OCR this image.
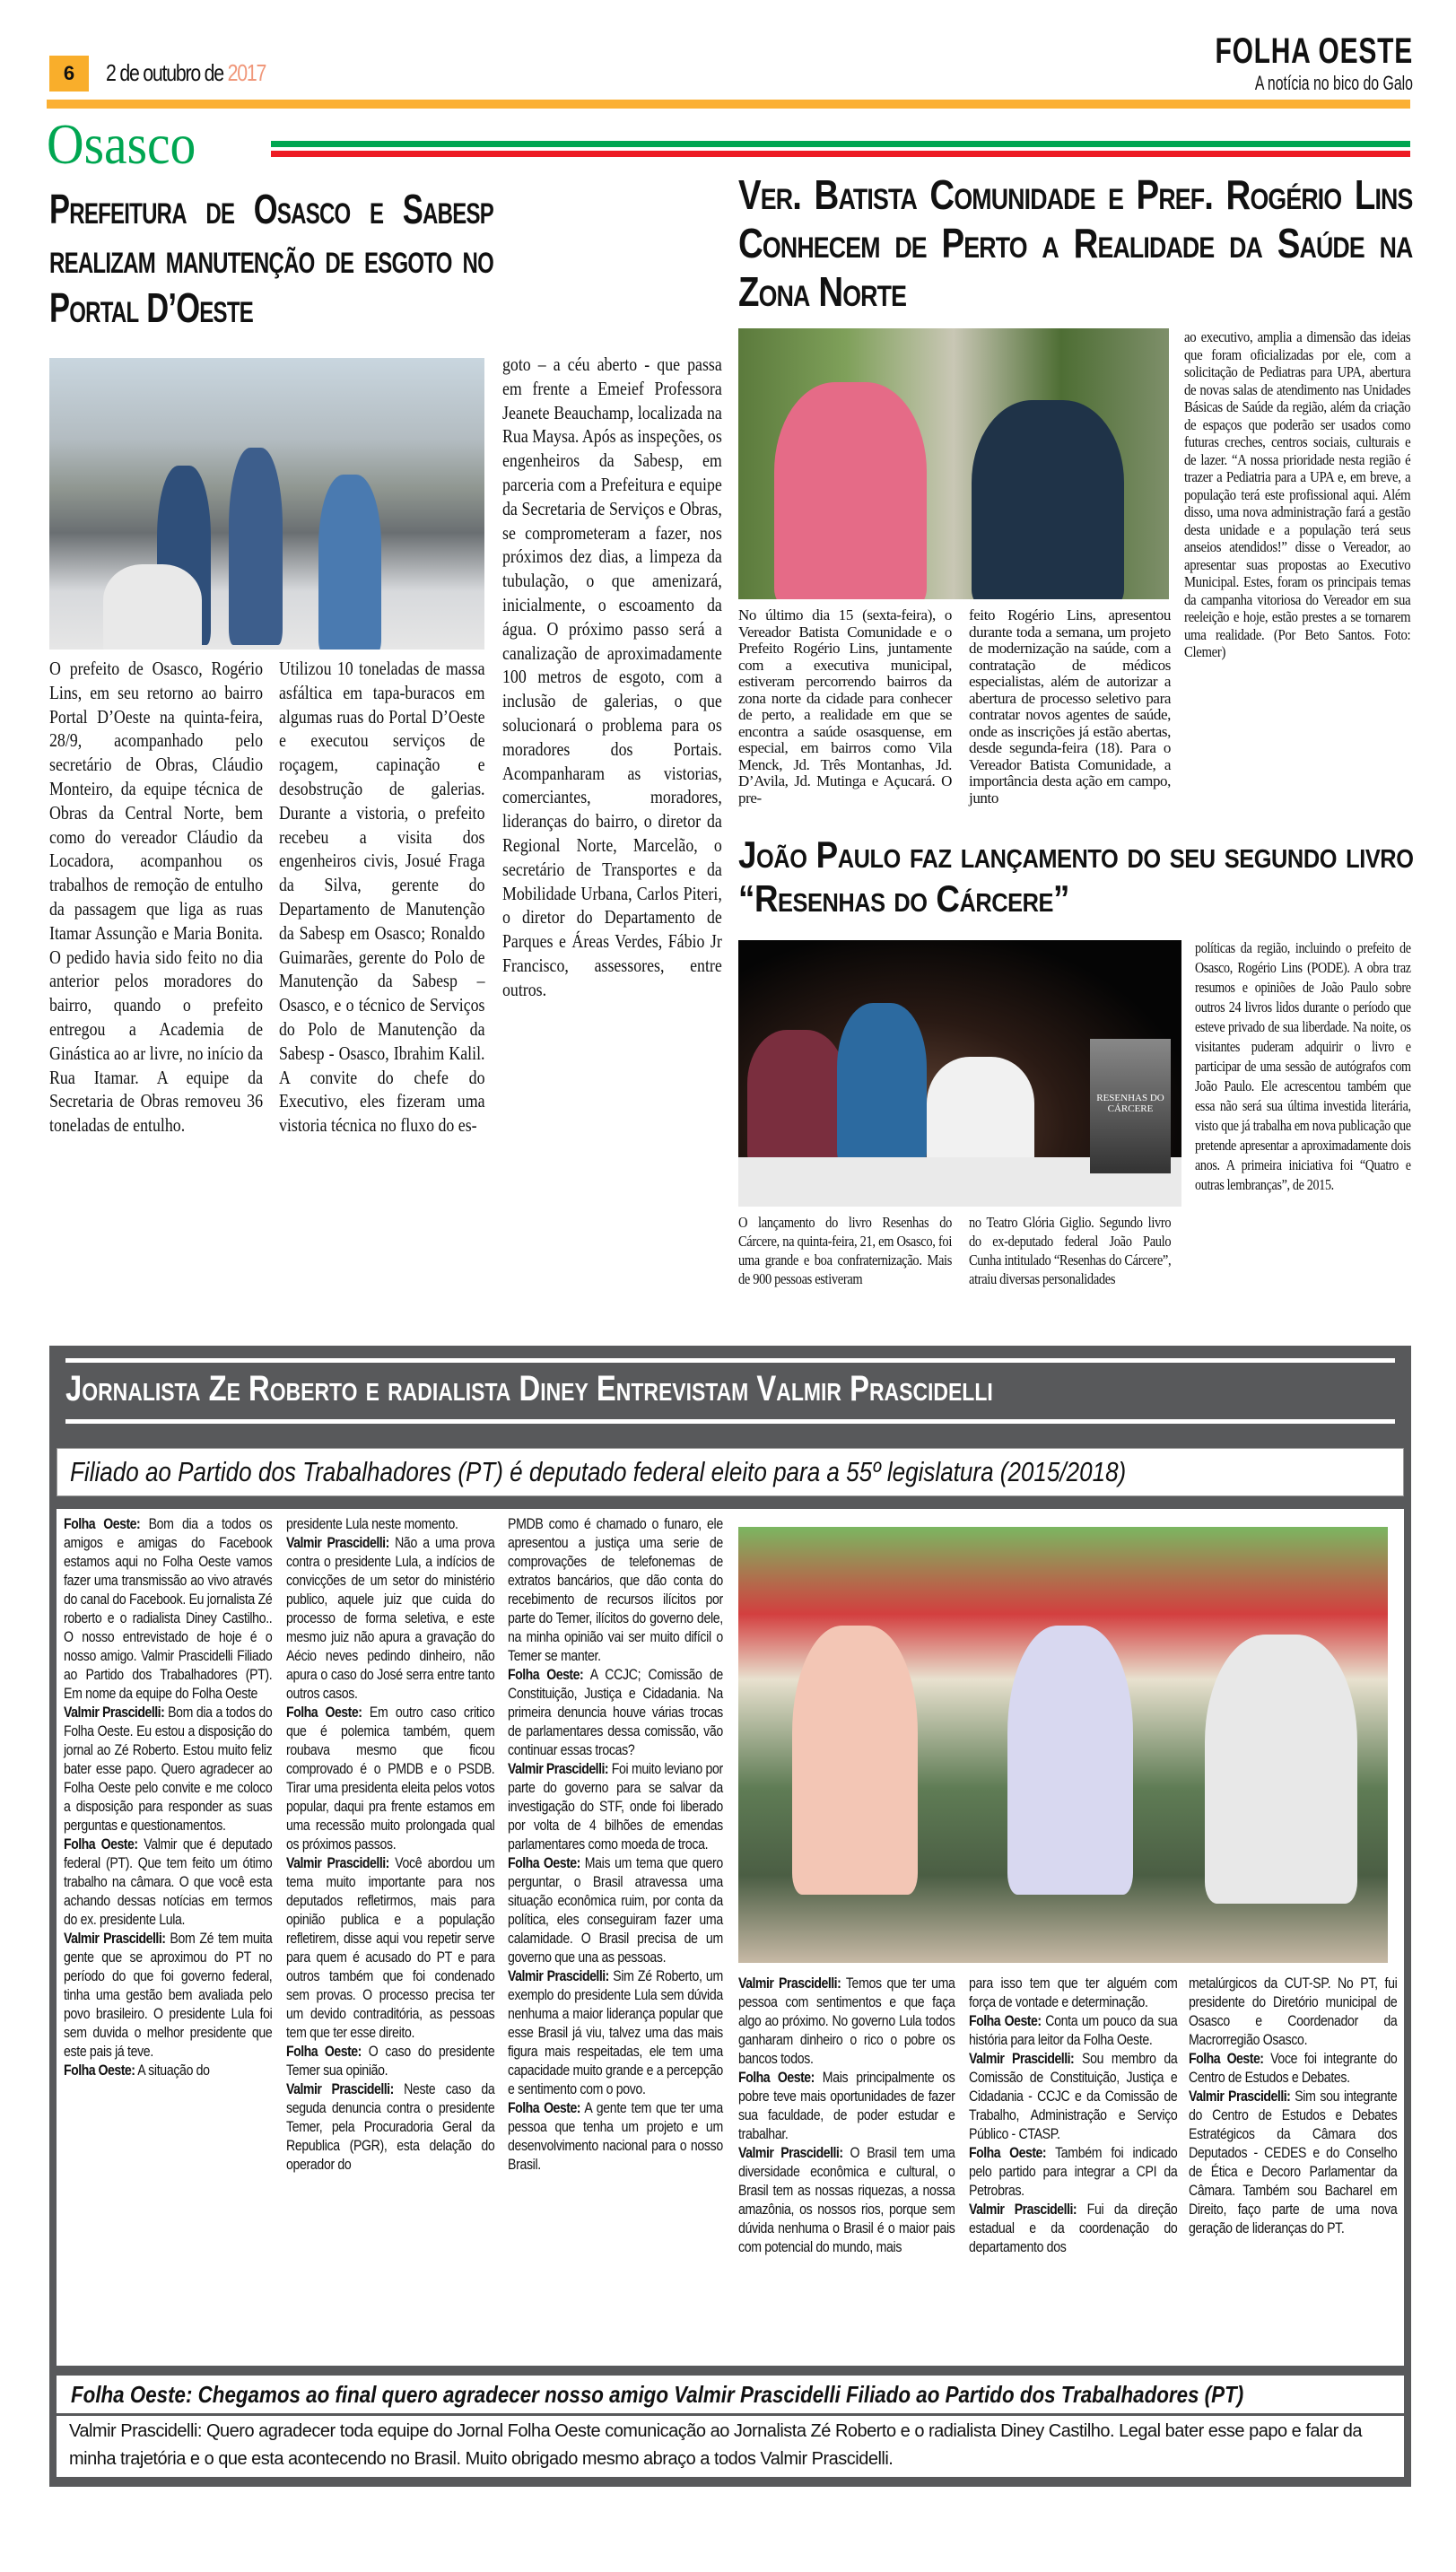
6	2 de outubro de 2017
FOLHA OESTE
A notícia no bico do Galo
Osasco
Prefeitura de Osasco e Sabesp realizam manutenção de esgoto no Portal D’Oeste
O prefeito de Osasco, Rogério Lins, em seu retorno ao bairro Portal D’Oeste na quinta-feira, 28/9, acompanhado pelo secretário de Obras, Cláudio Monteiro, da equipe técnica de Obras da Central Norte, bem como do vereador Cláudio da Locadora, acompanhou os trabalhos de remoção de entulho da passagem que liga as ruas Itamar Assunção e Maria Bonita. O pedido havia sido feito no dia anterior pelos moradores do bairro, quando o prefeito entregou a Academia de Ginástica ao ar livre, no início da Rua Itamar. A equipe da Secretaria de Obras removeu 36 toneladas de entulho.
Utilizou 10 toneladas de massa asfáltica em tapa-buracos em algumas ruas do Portal D’Oeste e executou serviços de roçagem, capinação e desobstrução de galerias. Durante a vistoria, o prefeito recebeu a visita dos engenheiros civis, Josué Fraga da Silva, gerente do Departamento de Manutenção da Sabesp em Osasco; Ronaldo Guimarães, gerente do Polo de Manutenção da Sabesp – Osasco, e o técnico de Serviços do Polo de Manutenção da Sabesp - Osasco, Ibrahim Kalil. A convite do chefe do Executivo, eles fizeram uma vistoria técnica no fluxo do es-
goto – a céu aberto - que passa em frente a Emeief Professora Jeanete Beauchamp, localizada na Rua Maysa. Após as inspeções, os engenheiros da Sabesp, em parceria com a Prefeitura e equipe da Secretaria de Serviços e Obras, se comprometeram a fazer, nos próximos dez dias, a limpeza da tubulação, o que amenizará, inicialmente, o escoamento da água. O próximo passo será a canalização de aproximadamente 100 metros de esgoto, com a inclusão de galerias, o que solucionará o problema para os moradores dos Portais. Acompanharam as vistorias, comerciantes, moradores, lideranças do bairro, o diretor da Regional Norte, Marcelão, o secretário de Transportes e da Mobilidade Urbana, Carlos Piteri, o diretor do Departamento de Parques e Áreas Verdes, Fábio Jr Francisco, assessores, entre outros.
Ver. Batista Comunidade e Pref. Rogério Lins Conhecem de Perto a Realidade da Saúde na Zona Norte
No último dia 15 (sexta-feira), o Vereador Batista Comunidade e o Prefeito Rogério Lins, juntamente com a executiva municipal, estiveram percorrendo bairros da zona norte da cidade para conhecer de perto, a realidade em que se encontra a saúde osasquense, em especial, em bairros como Vila Menck, Jd. Três Montanhas, Jd. D’Avila, Jd. Mutinga e Açucará. O pre-
feito Rogério Lins, apresentou durante toda a semana, um projeto de modernização na saúde, com a contratação de médicos especialistas, além de autorizar a abertura de processo seletivo para contratar novos agentes de saúde, onde as inscrições já estão abertas, desde segunda-feira (18). Para o Vereador Batista Comunidade, a importância desta ação em campo, junto
ao executivo, amplia a dimensão das ideias que foram oficializadas por ele, com a solicitação de Pediatras para UPA, abertura de novas salas de atendimento nas Unidades Básicas de Saúde da região, além da criação de espaços que poderão ser usados como futuras creches, centros sociais, culturais e de lazer. “A nossa prioridade nesta região é trazer a Pediatria para a UPA e, em breve, a população terá este profissional aqui. Além disso, uma nova administração fará a gestão desta unidade e a população terá seus anseios atendidos!” disse o Vereador, ao apresentar suas propostas ao Executivo Municipal. Estes, foram os principais temas da campanha vitoriosa do Vereador em sua reeleição e hoje, estão prestes a se tornarem uma realidade. (Por Beto Santos. Foto: Clemer)
João Paulo faz lançamento do seu segundo livro “Resenhas do Cárcere”
RESENHAS DO CÁRCERE
O lançamento do livro Resenhas do Cárcere, na quinta-feira, 21, em Osasco, foi uma grande e boa confraternização. Mais de 900 pessoas estiveram
no Teatro Glória Giglio. Segundo livro do ex-deputado federal João Paulo Cunha intitulado “Resenhas do Cárcere”, atraiu diversas personalidades
políticas da região, incluindo o prefeito de Osasco, Rogério Lins (PODE). A obra traz resumos e opiniões de João Paulo sobre outros 24 livros lidos durante o período que esteve privado de sua liberdade. Na noite, os visitantes puderam adquirir o livro e participar de uma sessão de autógrafos com João Paulo. Ele acrescentou também que essa não será sua última investida literária, visto que já trabalha em nova publicação que pretende apresentar a aproximadamente dois anos. A primeira iniciativa foi “Quatro e outras lembranças”, de 2015.
Jornalista Ze Roberto e radialista Diney Entrevistam Valmir Prascidelli
Filiado ao Partido dos Trabalhadores (PT) é deputado federal eleito para a 55º legislatura (2015/2018)
Folha Oeste: Bom dia a todos os amigos e amigas do Facebook estamos aqui no Folha Oeste vamos fazer uma transmissão ao vivo através do canal do Facebook. Eu jornalista Zé roberto e o radialista Diney Castilho.. O nosso entrevistado de hoje é o nosso amigo. Valmir Prascidelli Filiado ao Partido dos Trabalhadores (PT). Em nome da equipe do Folha Oeste
Valmir Prascidelli: Bom dia a todos do Folha Oeste. Eu estou a disposição do jornal ao Zé Roberto. Estou muito feliz bater esse papo. Quero agradecer ao Folha Oeste pelo convite e me coloco a disposição para responder as suas perguntas e questionamentos.
Folha Oeste: Valmir que é deputado federal (PT). Que tem feito um ótimo trabalho na câmara. O que você esta achando dessas notícias em termos do ex. presidente Lula.
Valmir Prascidelli: Bom Zé tem muita gente que se aproximou do PT no período do que foi governo federal, tinha uma gestão bem avaliada pelo povo brasileiro. O presidente Lula foi sem duvida o melhor presidente que este pais já teve.
Folha Oeste: A situação do
presidente Lula neste momento.
Valmir Prascidelli: Não a uma prova contra o presidente Lula, a indícios de convicções de um setor do ministério publico, aquele juiz que cuida do processo de forma seletiva, e este mesmo juiz não apura a gravação do Aécio neves pedindo dinheiro, não apura o caso do José serra entre tanto outros casos.
Folha Oeste: Em outro caso critico que é polemica também, quem roubava mesmo que ficou comprovado é o PMDB e o PSDB. Tirar uma presidenta eleita pelos votos popular, daqui pra frente estamos em uma recessão muito prolongada qual os próximos passos.
Valmir Prascidelli: Você abordou um tema muito importante para nos deputados refletirmos, mais para opinião publica e a população refletirem, disse aqui vou repetir serve para quem é acusado do PT e para outros também que foi condenado sem provas. O processo precisa ter um devido contraditória, as pessoas tem que ter esse direito.
Folha Oeste: O caso do presidente Temer sua opinião.
Valmir Prascidelli: Neste caso da seguda denuncia contra o presidente Temer, pela Procuradoria Geral da Republica (PGR), esta delação do operador do
PMDB como é chamado o funaro, ele apresentou a justiça uma serie de comprovações de telefonemas de extratos bancários, que dão conta do recebimento de recursos ilícitos por parte do Temer, ilícitos do governo dele, na minha opinião vai ser muito difícil o Temer se manter.
Folha Oeste: A CCJC; Comissão de Constituição, Justiça e Cidadania. Na primeira denuncia houve várias trocas de parlamentares dessa comissão, vão continuar essas trocas?
Valmir Prascidelli: Foi muito leviano por parte do governo para se salvar da investigação do STF, onde foi liberado por volta de 4 bilhões de emendas parlamentares como moeda de troca.
Folha Oeste: Mais um tema que quero perguntar, o Brasil atravessa uma situação econômica ruim, por conta da política, eles conseguiram fazer uma calamidade. O Brasil precisa de um governo que una as pessoas.
Valmir Prascidelli: Sim Zé Roberto, um exemplo do presidente Lula sem dúvida nenhuma a maior liderança popular que esse Brasil já viu, talvez uma das mais figura mais respeitadas, ele tem uma capacidade muito grande e a percepção e sentimento com o povo.
Folha Oeste: A gente tem que ter uma pessoa que tenha um projeto e um desenvolvimento nacional para o nosso Brasil.
Valmir Prascidelli: Temos que ter uma pessoa com sentimentos e que faça algo ao próximo. No governo Lula todos ganharam dinheiro o rico o pobre os bancos todos.
Folha Oeste: Mais principalmente os pobre teve mais oportunidades de fazer sua faculdade, de poder estudar e trabalhar.
Valmir Prascidelli: O Brasil tem uma diversidade econômica e cultural, o Brasil tem as nossas riquezas, a nossa amazônia, os nossos rios, porque sem dúvida nenhuma o Brasil é o maior pais com potencial do mundo, mais
para isso tem que ter alguém com força de vontade e determinação.
Folha Oeste: Conta um pouco da sua história para leitor da Folha Oeste.
Valmir Prascidelli: Sou membro da Comissão de Constituição, Justiça e Cidadania - CCJC e da Comissão de Trabalho, Administração e Serviço Público - CTASP.
Folha Oeste: Também foi indicado pelo partido para integrar a CPI da Petrobras.
Valmir Prascidelli: Fui da direção estadual e da coordenação do departamento dos
metalúrgicos da CUT-SP. No PT, fui presidente do Diretório municipal de Osasco e Coordenador da Macrorregião Osasco.
Folha Oeste: Voce foi integrante do Centro de Estudos e Debates.
Valmir Prascidelli: Sim sou integrante do Centro de Estudos e Debates Estratégicos da Câmara dos Deputados - CEDES e do Conselho de Ética e Decoro Parlamentar da Câmara. Também sou Bacharel em Direito, faço parte de uma nova geração de lideranças do PT.
Folha Oeste: Chegamos ao final quero agradecer nosso amigo Valmir Prascidelli Filiado ao Partido dos Trabalhadores (PT)
Valmir Prascidelli: Quero agradecer toda equipe do Jornal Folha Oeste comunicação ao Jornalista Zé Roberto e o radialista Diney Castilho. Legal bater esse papo e falar da minha trajetória e o que esta acontecendo no Brasil. Muito obrigado mesmo abraço a todos Valmir Prascidelli.
